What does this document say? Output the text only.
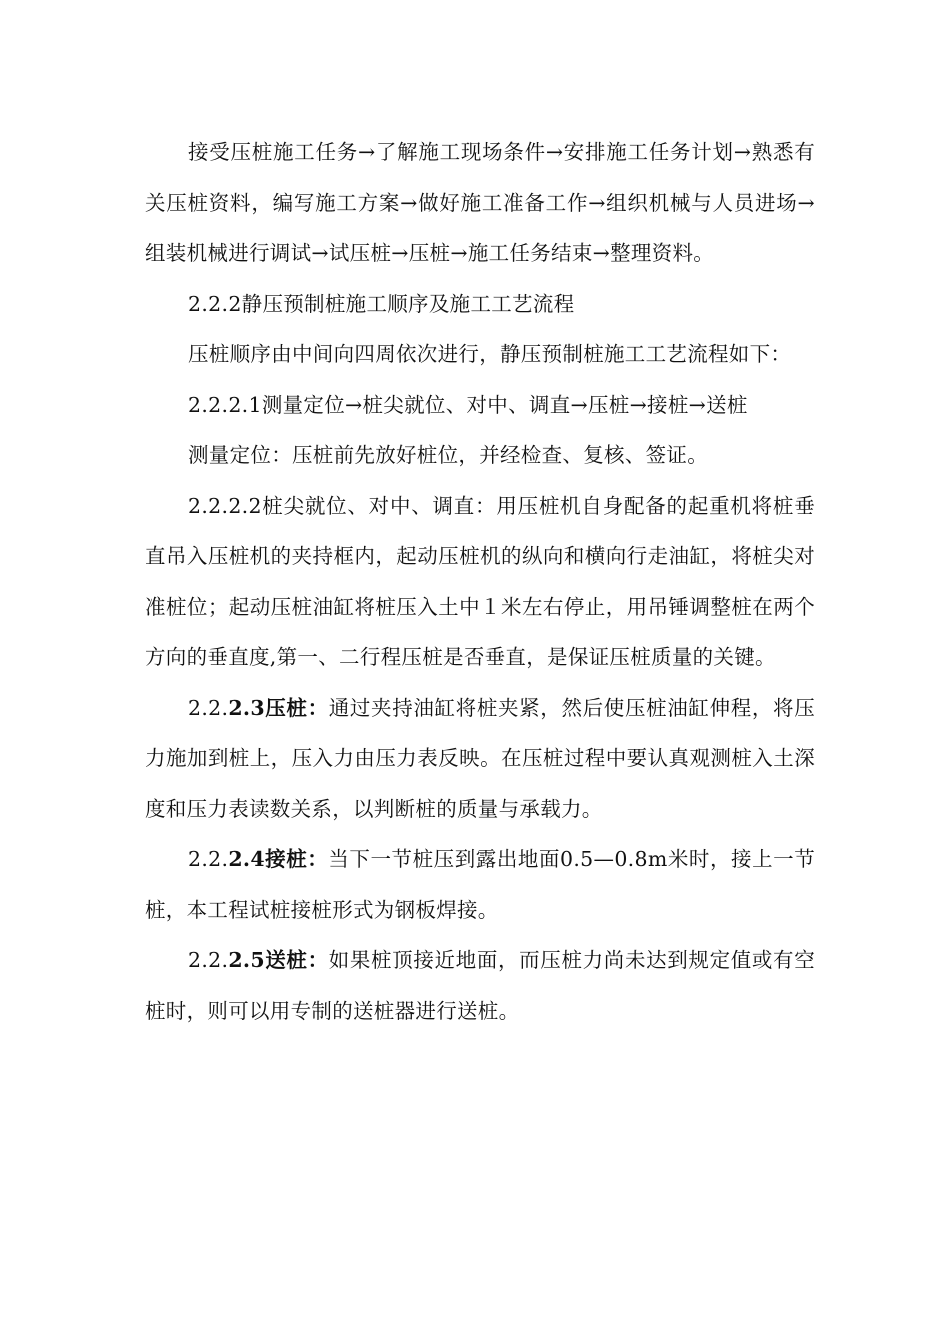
接受压桩施工任务→了解施工现场条件→安排施工任务计划→熟悉有关压桩资料，编写施工方案→做好施工准备工作→组织机械与人员进场→组装机械进行调试→试压桩→压桩→施工任务结束→整理资料。

2.2.2静压预制桩施工顺序及施工工艺流程

压桩顺序由中间向四周依次进行，静压预制桩施工工艺流程如下：

2.2.2.1测量定位→桩尖就位、对中、调直→压桩→接桩→送桩

测量定位：压桩前先放好桩位，并经检查、复核、签证。

2.2.2.2桩尖就位、对中、调直：用压桩机自身配备的起重机将桩垂直吊入压桩机的夹持框内，起动压桩机的纵向和横向行走油缸，将桩尖对准桩位；起动压桩油缸将桩压入土中１米左右停止，用吊锤调整桩在两个方向的垂直度,第一、二行程压桩是否垂直，是保证压桩质量的关键。

2.2.2.3压桩：通过夹持油缸将桩夹紧，然后使压桩油缸伸程，将压力施加到桩上，压入力由压力表反映。在压桩过程中要认真观测桩入土深度和压力表读数关系，以判断桩的质量与承载力。

2.2.2.4接桩：当下一节桩压到露出地面0.5—0.8m米时，接上一节桩，本工程试桩接桩形式为钢板焊接。

2.2.2.5送桩：如果桩顶接近地面，而压桩力尚未达到规定值或有空桩时，则可以用专制的送桩器进行送桩。
